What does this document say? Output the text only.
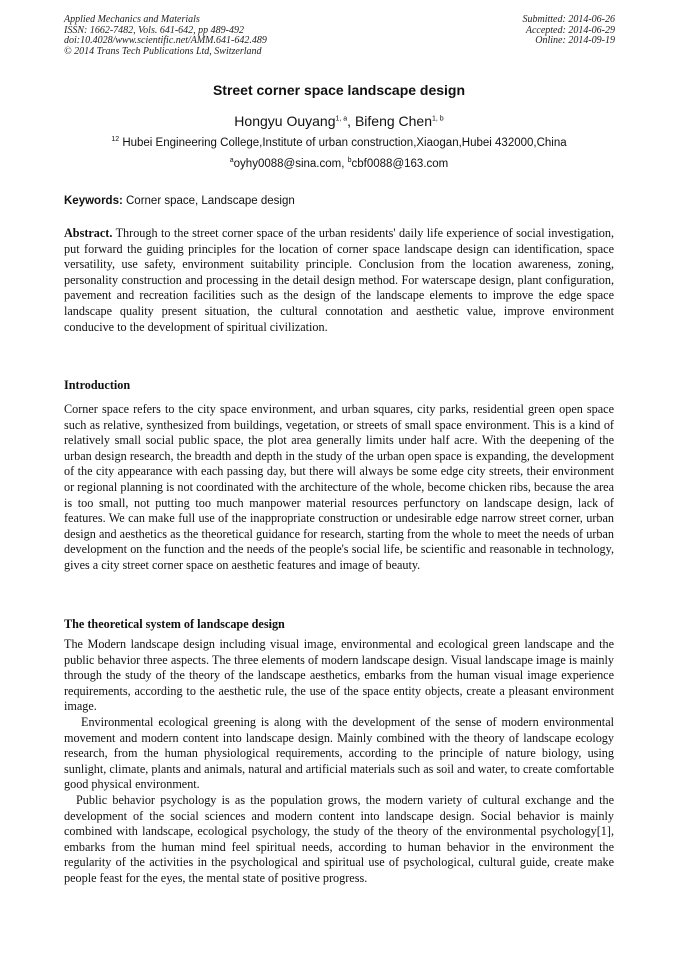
Applied Mechanics and Materials
ISSN: 1662-7482, Vols. 641-642, pp 489-492
doi:10.4028/www.scientific.net/AMM.641-642.489
© 2014 Trans Tech Publications Ltd, Switzerland
Submitted: 2014-06-26
Accepted: 2014-06-29
Online: 2014-09-19
Street corner space landscape design
Hongyu Ouyang$^{1, a}$, Bifeng Chen$^{1, b}$
$^{12}$ Hubei Engineering College,Institute of urban construction,Xiaogan,Hubei 432000,China
$^a$oyhy0088@sina.com, $^b$cbf0088@163.com
Keywords: Corner space, Landscape design

Abstract. Through to the street corner space of the urban residents' daily life experience of social investigation, put forward the guiding principles for the location of corner space landscape design can identification, space versatility, use safety, environment suitability principle. Conclusion from the location awareness, zoning, personality construction and processing in the detail design method. For waterscape design, plant configuration, pavement and recreation facilities such as the design of the landscape elements to improve the edge space landscape quality present situation, the cultural connotation and aesthetic value, improve environment conducive to the development of spiritual civilization.

Introduction

Corner space refers to the city space environment, and urban squares, city parks, residential green open space such as relative, synthesized from buildings, vegetation, or streets of small space environment. This is a kind of relatively small social public space, the plot area generally limits under half acre. With the deepening of the urban design research, the breadth and depth in the study of the urban open space is expanding, the development of the city appearance with each passing day, but there will always be some edge city streets, their environment or regional planning is not coordinated with the architecture of the whole, become chicken ribs, because the area is too small, not putting too much manpower material resources perfunctory on landscape design, lack of features. We can make full use of the inappropriate construction or undesirable edge narrow street corner, urban design and aesthetics as the theoretical guidance for research, starting from the whole to meet the needs of urban development on the function and the needs of the people's social life, be scientific and reasonable in technology, gives a city street corner space on aesthetic features and image of beauty.

The theoretical system of landscape design

The Modern landscape design including visual image, environmental and ecological green landscape and the public behavior three aspects. The three elements of modern landscape design. Visual landscape image is mainly through the study of the theory of the landscape aesthetics, embarks from the human visual image experience requirements, according to the aesthetic rule, the use of the space entity objects, create a pleasant environment image.

Environmental ecological greening is along with the development of the sense of modern environmental movement and modern content into landscape design. Mainly combined with the theory of landscape ecology research, from the human physiological requirements, according to the principle of nature biology, using sunlight, climate, plants and animals, natural and artificial materials such as soil and water, to create comfortable good physical environment.

Public behavior psychology is as the population grows, the modern variety of cultural exchange and the development of the social sciences and modern content into landscape design. Social behavior is mainly combined with landscape, ecological psychology, the study of the theory of the environmental psychology[1], embarks from the human mind feel spiritual needs, according to human behavior in the environment the regularity of the activities in the psychological and spiritual use of psychological, cultural guide, create make people feast for the eyes, the mental state of positive progress.
